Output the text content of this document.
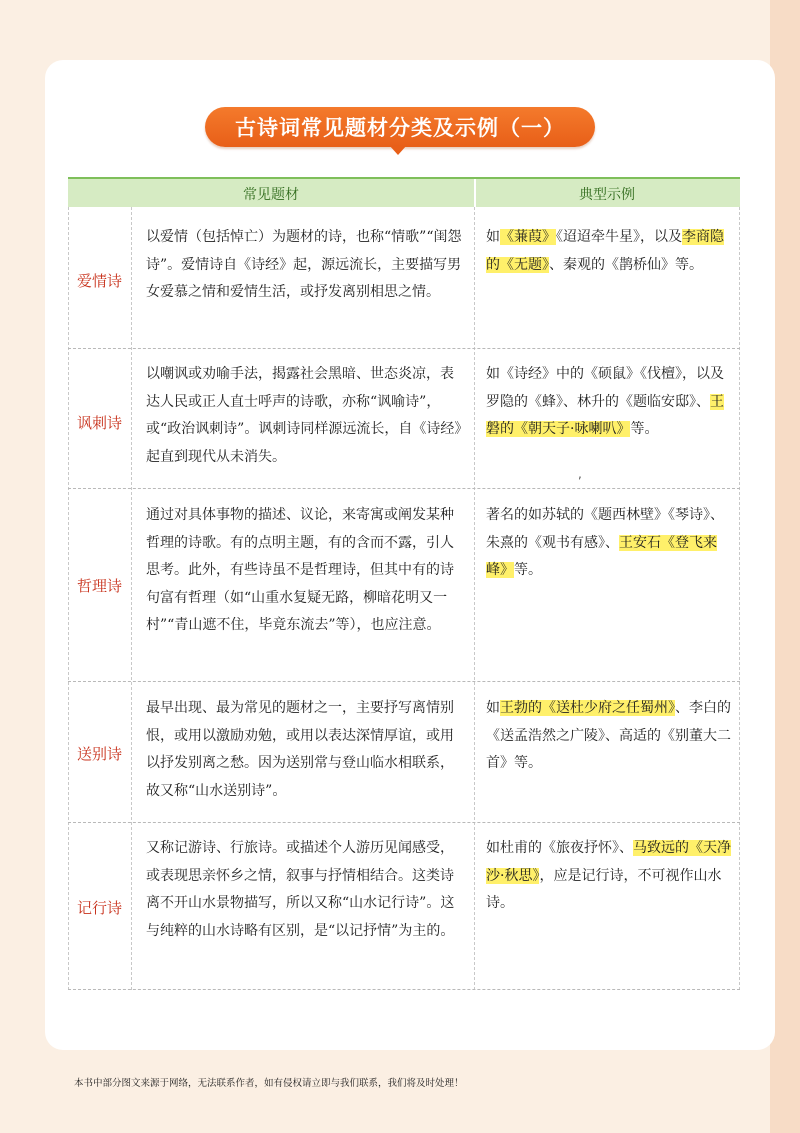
古诗词常见题材分类及示例（一）
常见题材	典型示例
爱情诗
以爱情（包括悼亡）为题材的诗，也称“情歌”“闺怨诗”。爱情诗自《诗经》起，源远流长，主要描写男女爱慕之情和爱情生活，或抒发离别相思之情。
如《蒹葭》《迢迢牵牛星》，以及李商隐的《无题》、秦观的《鹊桥仙》等。
讽刺诗
以嘲讽或劝喻手法，揭露社会黑暗、世态炎凉，表达人民或正人直士呼声的诗歌，亦称“讽喻诗”，或“政治讽刺诗”。讽刺诗同样源远流长，自《诗经》起直到现代从未消失。
如《诗经》中的《硕鼠》《伐檀》，以及罗隐的《蜂》、林升的《题临安邸》、王磐的《朝天子·咏喇叭》等。
哲理诗
通过对具体事物的描述、议论，来寄寓或阐发某种哲理的诗歌。有的点明主题，有的含而不露，引人思考。此外，有些诗虽不是哲理诗，但其中有的诗句富有哲理（如“山重水复疑无路，柳暗花明又一村”“青山遮不住，毕竟东流去”等），也应注意。
著名的如苏轼的《题西林壁》《琴诗》、朱熹的《观书有感》、王安石《登飞来峰》等。
送别诗
最早出现、最为常见的题材之一，主要抒写离情别恨，或用以激励劝勉，或用以表达深情厚谊，或用以抒发别离之愁。因为送别常与登山临水相联系，故又称“山水送别诗”。
如王勃的《送杜少府之任蜀州》、李白的《送孟浩然之广陵》、高适的《别董大二首》等。
记行诗
又称记游诗、行旅诗。或描述个人游历见闻感受，或表现思亲怀乡之情，叙事与抒情相结合。这类诗离不开山水景物描写，所以又称“山水记行诗”。这与纯粹的山水诗略有区别，是“以记抒情”为主的。
如杜甫的《旅夜抒怀》、马致远的《天净沙·秋思》，应是记行诗，不可视作山水诗。
,
本书中部分图文来源于网络，无法联系作者，如有侵权请立即与我们联系，我们将及时处理！
